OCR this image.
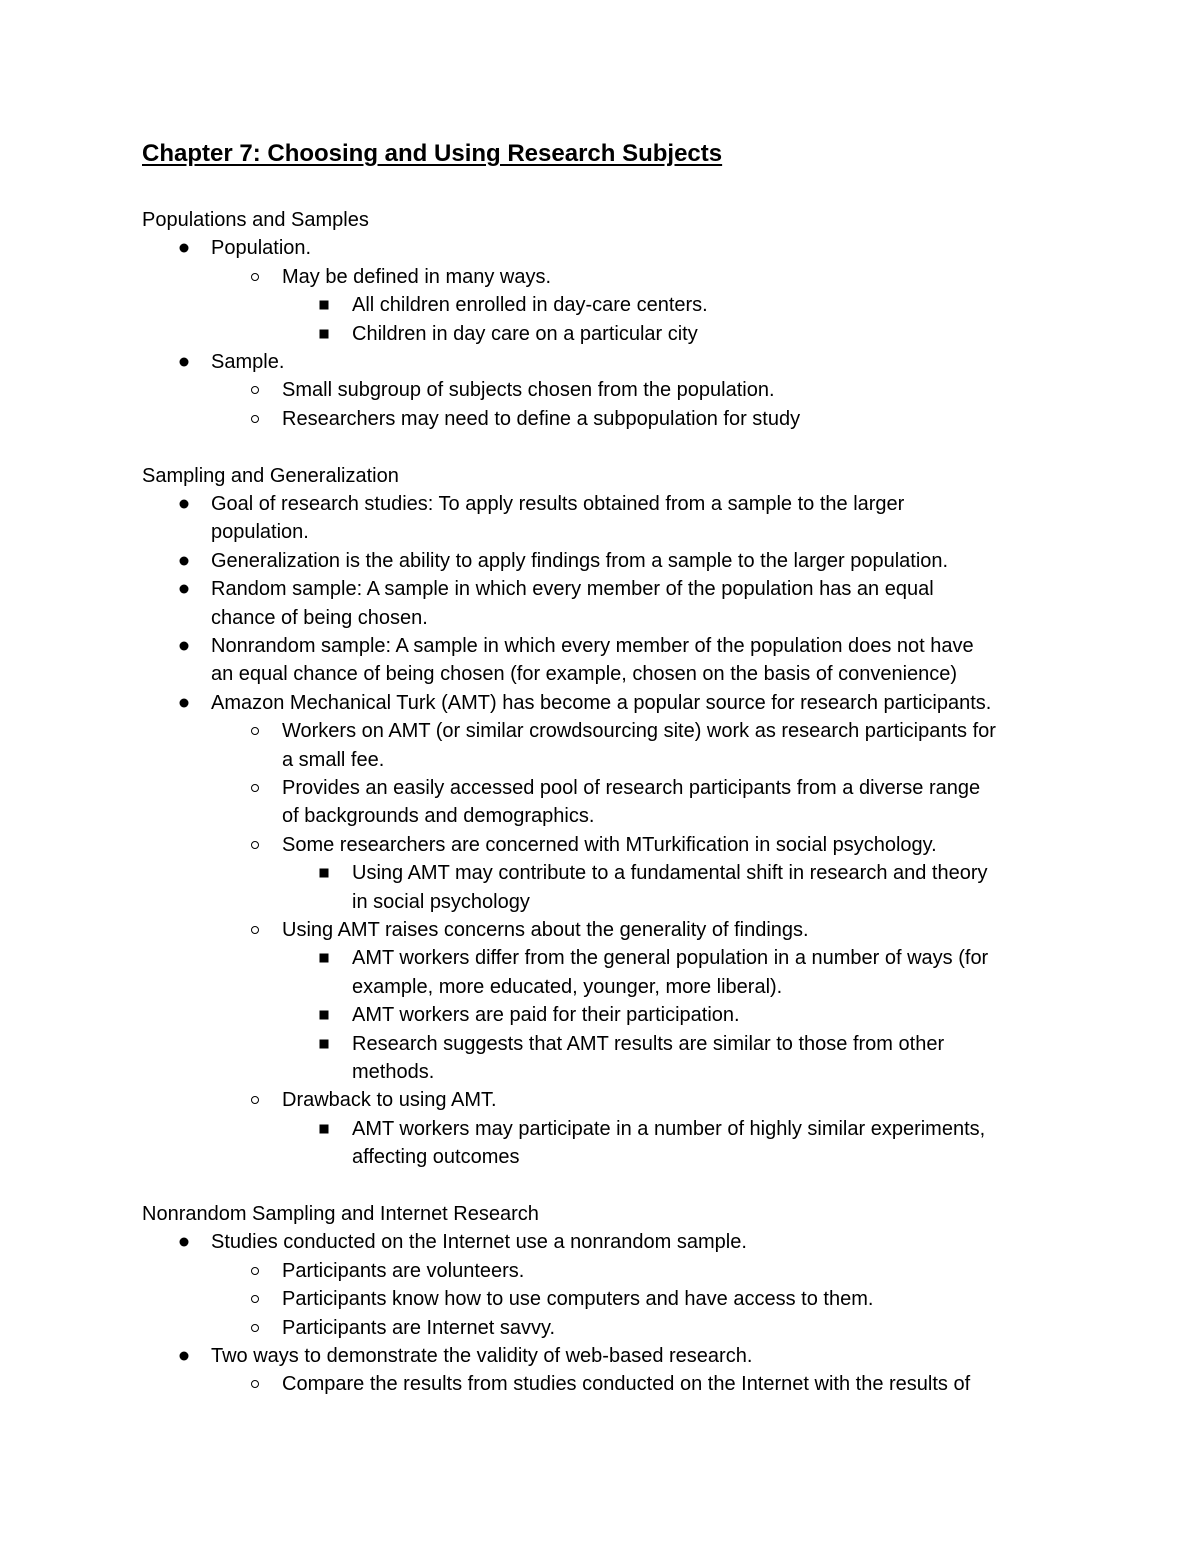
Chapter 7: Choosing and Using Research Subjects
Populations and Samples
Population.
May be defined in many ways.
All children enrolled in day-care centers.
Children in day care on a particular city
Sample.
Small subgroup of subjects chosen from the population.
Researchers may need to define a subpopulation for study
Sampling and Generalization
Goal of research studies: To apply results obtained from a sample to the larger
population.
Generalization is the ability to apply findings from a sample to the larger population.
Random sample: A sample in which every member of the population has an equal
chance of being chosen.
Nonrandom sample: A sample in which every member of the population does not have
an equal chance of being chosen (for example, chosen on the basis of convenience)
Amazon Mechanical Turk (AMT) has become a popular source for research participants.
Workers on AMT (or similar crowdsourcing site) work as research participants for
a small fee.
Provides an easily accessed pool of research participants from a diverse range
of backgrounds and demographics.
Some researchers are concerned with MTurkification in social psychology.
Using AMT may contribute to a fundamental shift in research and theory
in social psychology
Using AMT raises concerns about the generality of findings.
AMT workers differ from the general population in a number of ways (for
example, more educated, younger, more liberal).
AMT workers are paid for their participation.
Research suggests that AMT results are similar to those from other
methods.
Drawback to using AMT.
AMT workers may participate in a number of highly similar experiments,
affecting outcomes
Nonrandom Sampling and Internet Research
Studies conducted on the Internet use a nonrandom sample.
Participants are volunteers.
Participants know how to use computers and have access to them.
Participants are Internet savvy.
Two ways to demonstrate the validity of web-based research.
Compare the results from studies conducted on the Internet with the results of
